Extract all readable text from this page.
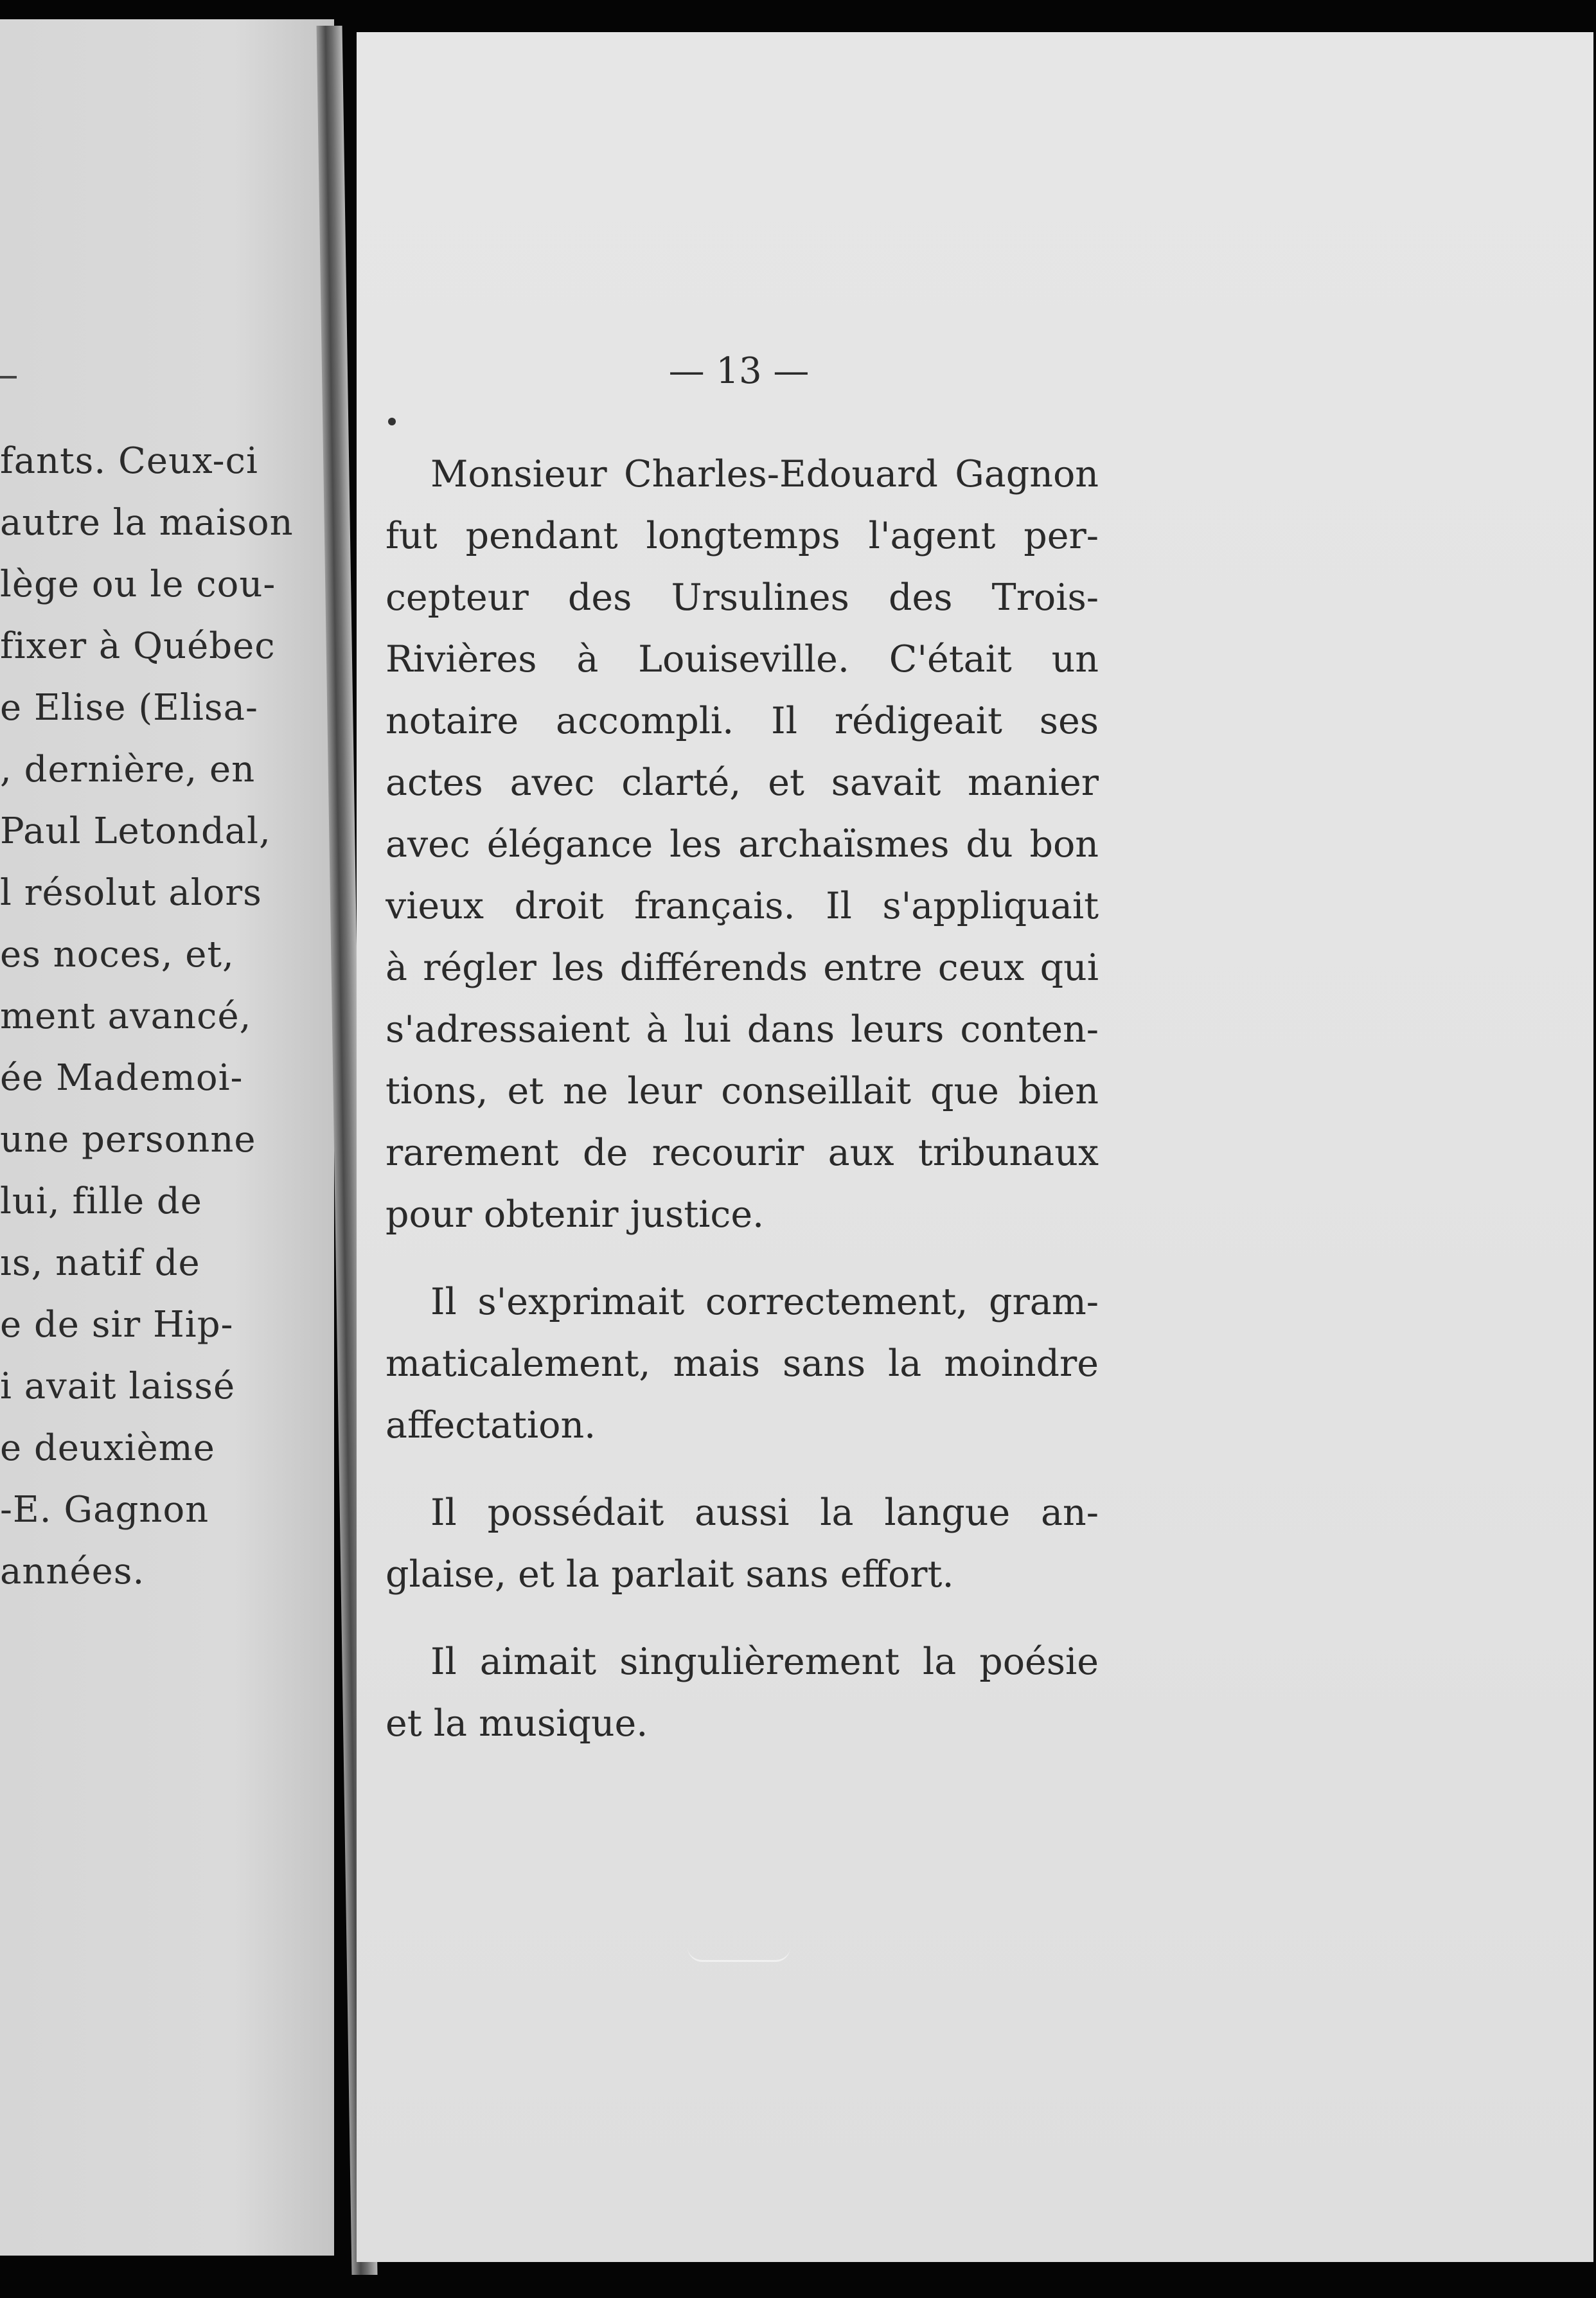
fants. Ceux-ci
autre la maison
lège ou le cou-
fixer à Québec
e Elise (Elisa-
, dernière, en
Paul Letondal,
l résolut alors
es noces, et,
ment avancé,
ée Mademoi-
une personne
lui, fille de
ıs, natif de
e de sir Hip-
i avait laissé
e deuxième
-E. Gagnon
années.
— 13 —
Monsieur Charles-Edouard Gagnon
fut pendant longtemps l'agent per-
cepteur des Ursulines des Trois-
Rivières à Louiseville. C'était un
notaire accompli. Il rédigeait ses
actes avec clarté, et savait manier
avec élégance les archaïsmes du bon
vieux droit français. Il s'appliquait
à régler les différends entre ceux qui
s'adressaient à lui dans leurs conten-
tions, et ne leur conseillait que bien
rarement de recourir aux tribunaux
pour obtenir justice.
Il s'exprimait correctement, gram-
maticalement, mais sans la moindre
affectation.
Il possédait aussi la langue an-
glaise, et la parlait sans effort.
Il aimait singulièrement la poésie
et la musique.
